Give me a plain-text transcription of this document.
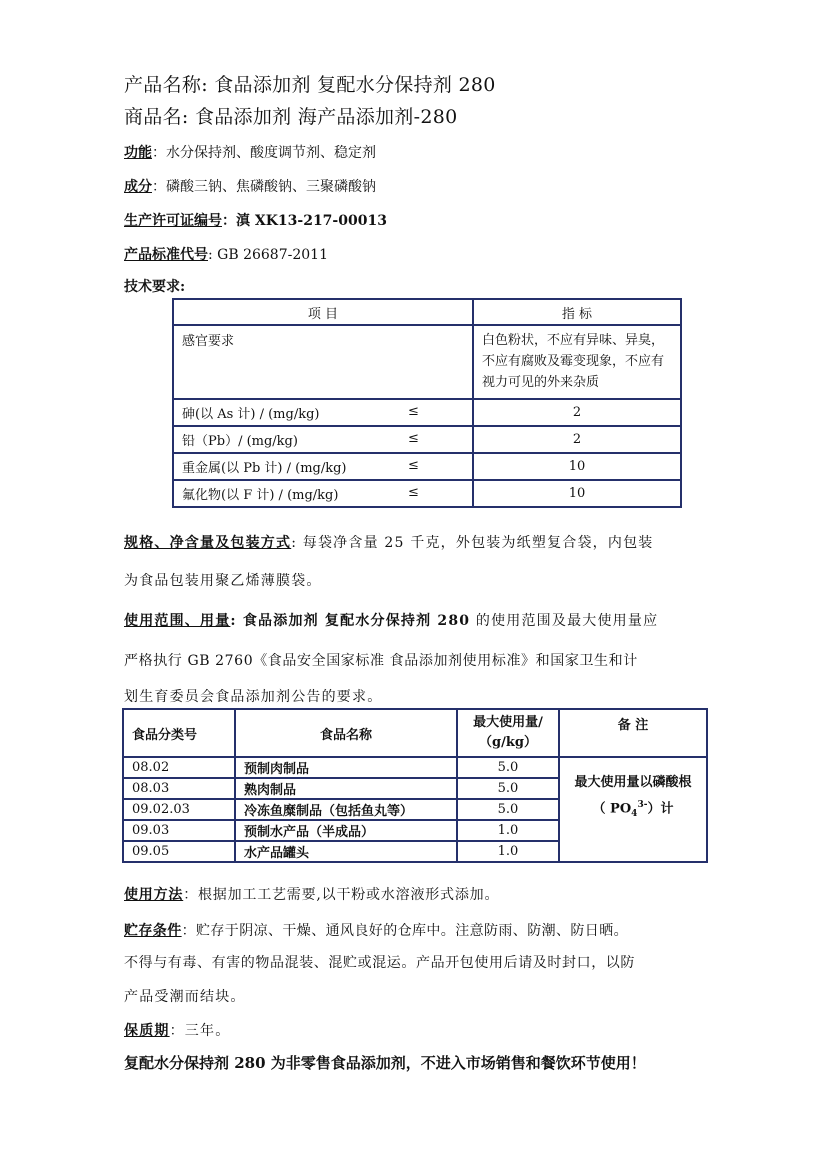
产品名称: 食品添加剂 复配水分保持剂 280
商品名: 食品添加剂 海产品添加剂-280
功能：水分保持剂、酸度调节剂、稳定剂
成分：磷酸三钠、焦磷酸钠、三聚磷酸钠
生产许可证编号：滇 XK13-217-00013
产品标准代号: GB 26687-2011
技术要求:
项 目	指 标
感官要求	白色粉状，不应有异味、异臭，不应有腐败及霉变现象，不应有视力可见的外来杂质
砷(以 As 计) / (mg/kg) ≤	2
铅（Pb）/ (mg/kg) ≤	2
重金属(以 Pb 计) / (mg/kg) ≤	10
氟化物(以 F 计) / (mg/kg) ≤	10
规格、净含量及包装方式: 每袋净含量 25 千克，外包装为纸塑复合袋，内包装
为食品包装用聚乙烯薄膜袋。
使用范围、用量: 食品添加剂 复配水分保持剂 280 的使用范围及最大使用量应
严格执行 GB 2760《食品安全国家标准 食品添加剂使用标准》和国家卫生和计
划生育委员会食品添加剂公告的要求。
食品分类号	食品名称	最大使用量/（g/kg）	备 注
08.02	预制肉制品	5.0	最大使用量以磷酸根
（ $PO_4^{3-}$）计

08.03	熟肉制品	5.0	
09.02.03	冷冻鱼糜制品（包括鱼丸等）	5.0	
09.03	预制水产品（半成品）	1.0	
09.05	水产品罐头	1.0	
使用方法：根据加工工艺需要,以干粉或水溶液形式添加。
贮存条件：贮存于阴凉、干燥、通风良好的仓库中。注意防雨、防潮、防日晒。
不得与有毒、有害的物品混装、混贮或混运。产品开包使用后请及时封口，以防
产品受潮而结块。
保质期：三年。
复配水分保持剂 280 为非零售食品添加剂，不进入市场销售和餐饮环节使用！
